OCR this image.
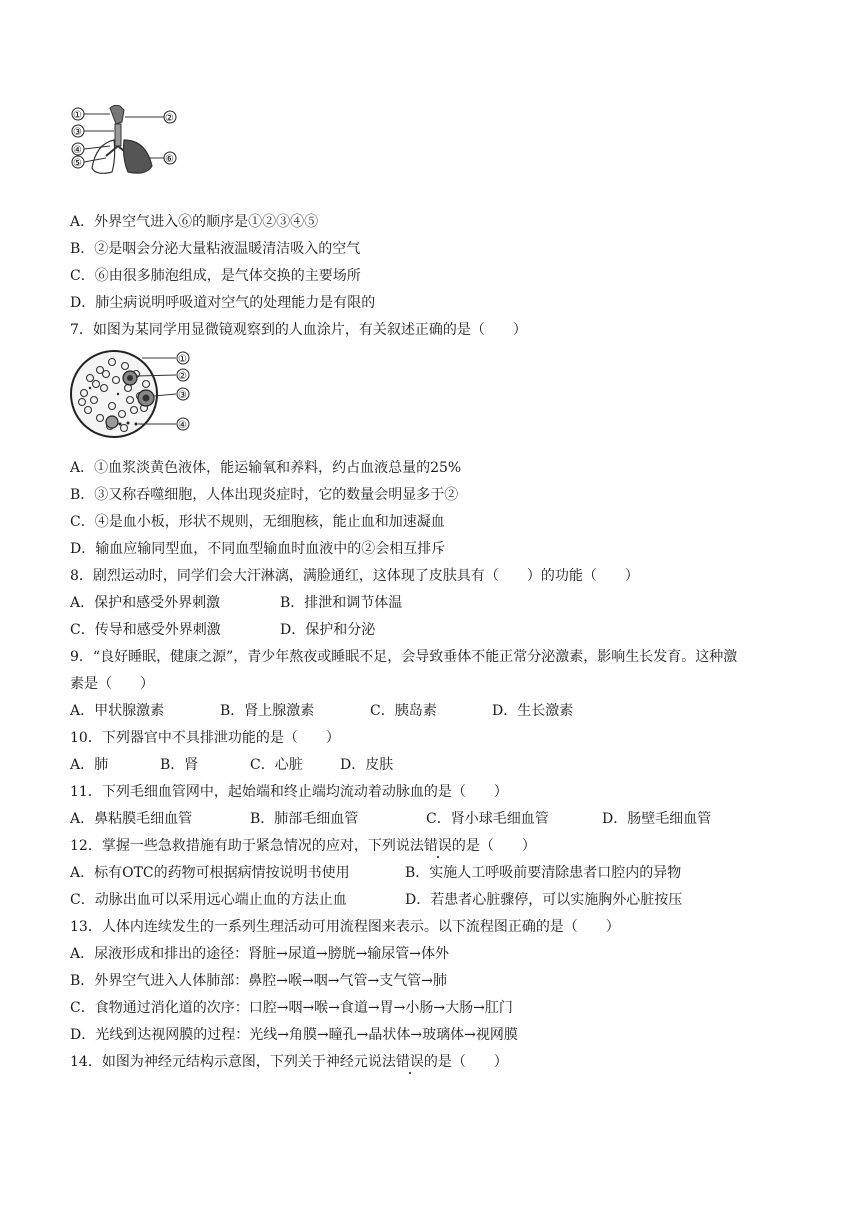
①
③
④
⑤
②
⑥
A．外界空气进入⑥的顺序是①②③④⑤
B．②是咽会分泌大量粘液温暖清洁吸入的空气
C．⑥由很多肺泡组成，是气体交换的主要场所
D．肺尘病说明呼吸道对空气的处理能力是有限的
7．如图为某同学用显微镜观察到的人血涂片，有关叙述正确的是（　　）
①
②
③
④
A．①血浆淡黄色液体，能运输氧和养料，约占血液总量的25%
B．③又称吞噬细胞，人体出现炎症时，它的数量会明显多于②
C．④是血小板，形状不规则，无细胞核，能止血和加速凝血
D．输血应输同型血，不同血型输血时血液中的②会相互排斥
8．剧烈运动时，同学们会大汗淋漓，满脸通红，这体现了皮肤具有（　　）的功能（　　）
A．保护和感受外界刺激	B．排泄和调节体温
C．传导和感受外界刺激	D．保护和分泌
9．“良好睡眠，健康之源”，青少年熬夜或睡眠不足，会导致垂体不能正常分泌激素，影响生长发育。这种激
素是（　　）
A．甲状腺激素	B．肾上腺激素	C．胰岛素	D．生长激素
10．下列器官中不具排泄功能的是（　　）
A．肺	B．肾	C．心脏	D．皮肤
11．下列毛细血管网中，起始端和终止端均流动着动脉血的是（　　）
A．鼻粘膜毛细血管	B．肺部毛细血管	C．肾小球毛细血管	D．肠壁毛细血管
12．掌握一些急救措施有助于紧急情况的应对，下列说法错误的是（　　）
A．标有OTC的药物可根据病情按说明书使用	B．实施人工呼吸前要清除患者口腔内的异物
C．动脉出血可以采用远心端止血的方法止血	D．若患者心脏骤停，可以实施胸外心脏按压
13．人体内连续发生的一系列生理活动可用流程图来表示。以下流程图正确的是（　　）
A．尿液形成和排出的途径：肾脏→尿道→膀胱→输尿管→体外
B．外界空气进入人体肺部：鼻腔→喉→咽→气管→支气管→肺
C．食物通过消化道的次序：口腔→咽→喉→食道→胃→小肠→大肠→肛门
D．光线到达视网膜的过程：光线→角膜→瞳孔→晶状体→玻璃体→视网膜
14．如图为神经元结构示意图，下列关于神经元说法错误的是（　　）
